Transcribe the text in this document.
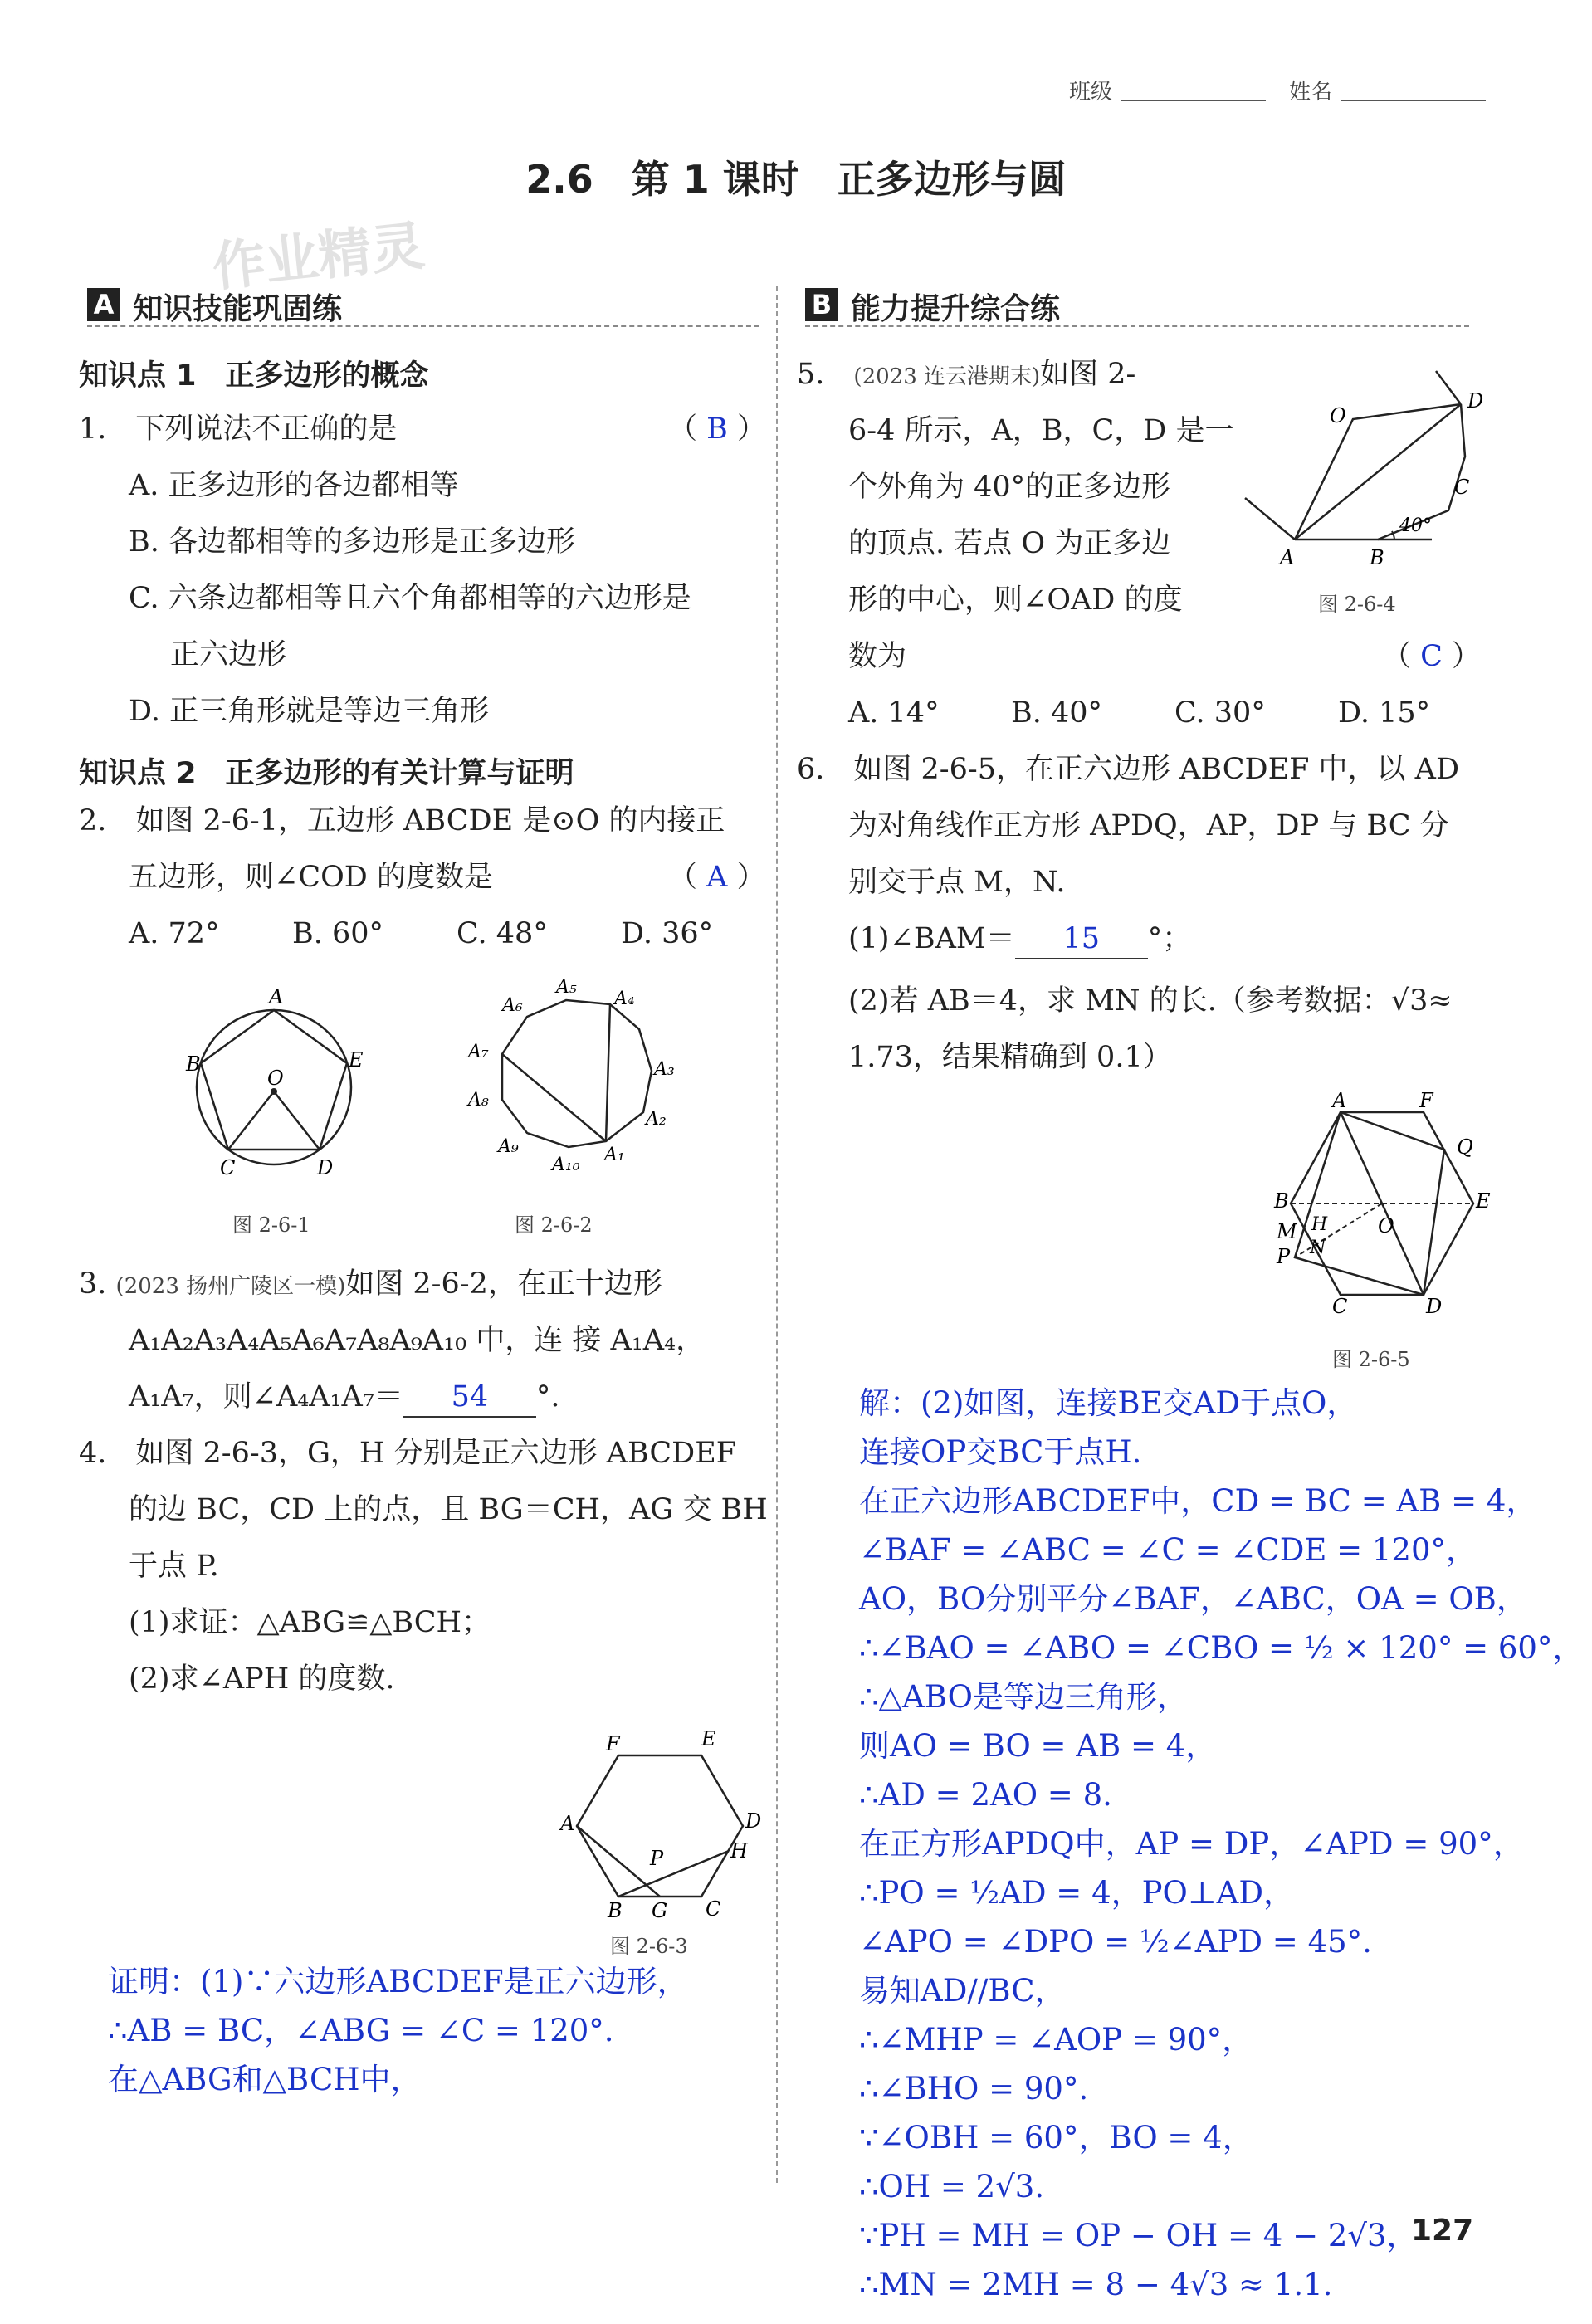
班级	姓名
2.6　第 1 课时　正多边形与圆
作业精灵
A 知识技能巩固练	B 能力提升综合练
知识点 1　正多边形的概念
1.　下列说法不正确的是	（ B ）
A. 正多边形的各边都相等
B. 各边都相等的多边形是正多边形
C. 六条边都相等且六个角都相等的六边形是
正六边形
D. 正三角形就是等边三角形
知识点 2　正多边形的有关计算与证明
2.　如图 2-6-1，五边形 ABCDE 是⊙O 的内接正
五边形，则∠COD 的度数是	（ A ）
A. 72° B. 60°	C. 48°	D. 36°
A
B
C	D
E
O
图 2-6-1
A₁
A₂
A₃
A₄
A₅
A₆
A₇
A₈
A₉
A₁₀
图 2-6-2
3. (2023 扬州广陵区一模)如图 2-6-2，在正十边形
A₁A₂A₃A₄A₅A₆A₇A₈A₉A₁₀ 中，连 接 A₁A₄，
A₁A₇，则∠A₄A₁A₇＝ 54 °.
4.　如图 2-6-3，G，H 分别是正六边形 ABCDEF
的边 BC，CD 上的点，且 BG＝CH，AG 交 BH
于点 P.
(1)求证：△ABG≌△BCH；
(2)求∠APH 的度数.
F	E
A	D
H
P
B G C
图 2-6-3
证明：(1)∵六边形ABCDEF是正六边形，
∴AB = BC，∠ABG = ∠C = 120°.
在△ABG和△BCH中，
5.　 (2023 连云港期末)如图 2-
6-4 所示，A，B，C，D 是一
个外角为 40°的正多边形
的顶点. 若点 O 为正多边
形的中心，则∠OAD 的度
数为	（ C ）
A. 14° B. 40° C. 30° D. 15°
O
D
C
A	B
40°
图 2-6-4
6.　如图 2-6-5，在正六边形 ABCDEF 中，以 AD
为对角线作正方形 APDQ，AP，DP 与 BC 分
别交于点 M，N.
(1)∠BAM＝ 15 °；
(2)若 AB＝4，求 MN 的长.（参考数据：√3≈
1.73，结果精确到 0.1）
A	F
Q
E
D
C
B
M H	O
P N
图 2-6-5
解：(2)如图，连接BE交AD于点O，
连接OP交BC于点H.
在正六边形ABCDEF中，CD = BC = AB = 4，
∠BAF = ∠ABC = ∠C = ∠CDE = 120°，
AO，BO分别平分∠BAF，∠ABC，OA = OB，
∴∠BAO = ∠ABO = ∠CBO = ½ × 120° = 60°，
∴△ABO是等边三角形，
则AO = BO = AB = 4，
∴AD = 2AO = 8.
在正方形APDQ中，AP = DP，∠APD = 90°，
∴PO = ½AD = 4，PO⊥AD，
∠APO = ∠DPO = ½∠APD = 45°.
易知AD//BC，
∴∠MHP = ∠AOP = 90°，
∴∠BHO = 90°.
∵∠OBH = 60°，BO = 4，
∴OH = 2√3.
∵PH = MH = OP − OH = 4 − 2√3，
∴MN = 2MH = 8 − 4√3 ≈ 1.1.
127
